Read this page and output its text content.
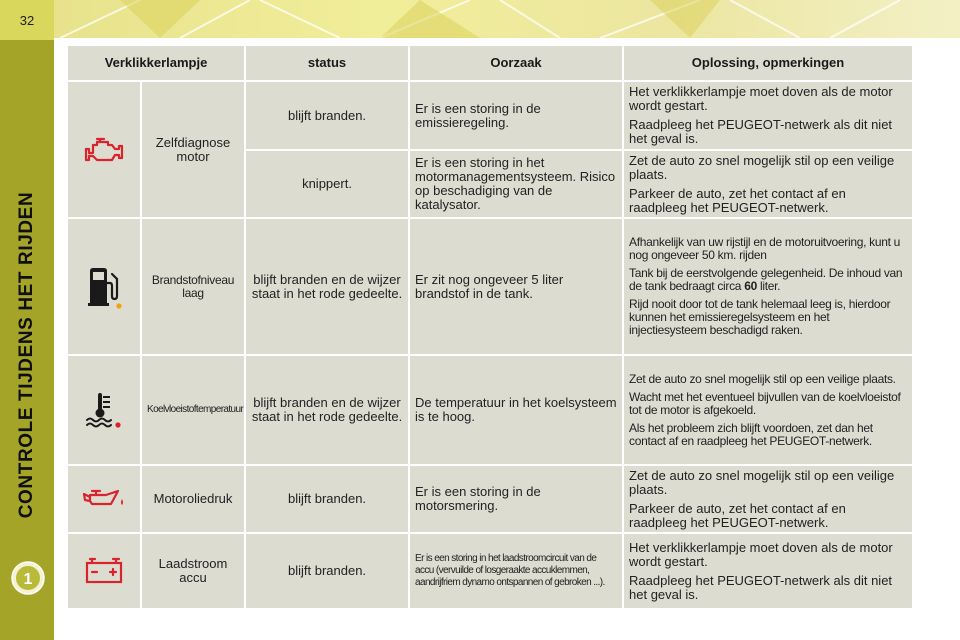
32
CONTROLE TIJDENS HET RIJDEN
1
Verklikkerlampje		status	Oorzaak	Oplossing, opmerkingen

	Zelfdiagnose motor	blijft branden.	Er is een storing in de emissieregeling.	Het verklikkerlampje moet doven als de motor wordt gestart.

Raadpleeg het PEUGEOT-netwerk als dit niet het geval is.

		knippert.	Er is een storing in het motormanagementsysteem. Risico op beschadiging van de katalysator.	Zet de auto zo snel mogelijk stil op een veilige plaats.

Parkeer de auto, zet het contact af en raadpleeg het PEUGEOT-netwerk.

	Brandstofniveau laag	blijft branden en de wijzer staat in het rode gedeelte.	Er zit nog ongeveer 5 liter brandstof in de tank.	Afhankelijk van uw rijstijl en de motoruitvoering, kunt u nog ongeveer 50 km. rijden

Tank bij de eerstvolgende gelegenheid. De inhoud van de tank bedraagt circa 60 liter.

Rijd nooit door tot de tank helemaal leeg is, hierdoor kunnen het emissieregelsysteem en het injectiesysteem beschadigd raken.

	Koelvloeistoftemperatuur	blijft branden en de wijzer staat in het rode gedeelte.	De temperatuur in het koelsysteem is te hoog.	Zet de auto zo snel mogelijk stil op een veilige plaats.

Wacht met het eventueel bijvullen van de koelvloeistof tot de motor is afgekoeld.

Als het probleem zich blijft voordoen, zet dan het contact af en raadpleeg het PEUGEOT-netwerk.

	Motoroliedruk	blijft branden.	Er is een storing in de motorsmering.	Zet de auto zo snel mogelijk stil op een veilige plaats.

Parkeer de auto, zet het contact af en raadpleeg het PEUGEOT-netwerk.

	Laadstroom accu	blijft branden.	Er is een storing in het laadstroomcircuit van de accu (vervuilde of losgeraakte accuklemmen, aandrijfriem dynamo ontspannen of gebroken ...).	Het verklikkerlampje moet doven als de motor wordt gestart.

Raadpleeg het PEUGEOT-netwerk als dit niet het geval is.
